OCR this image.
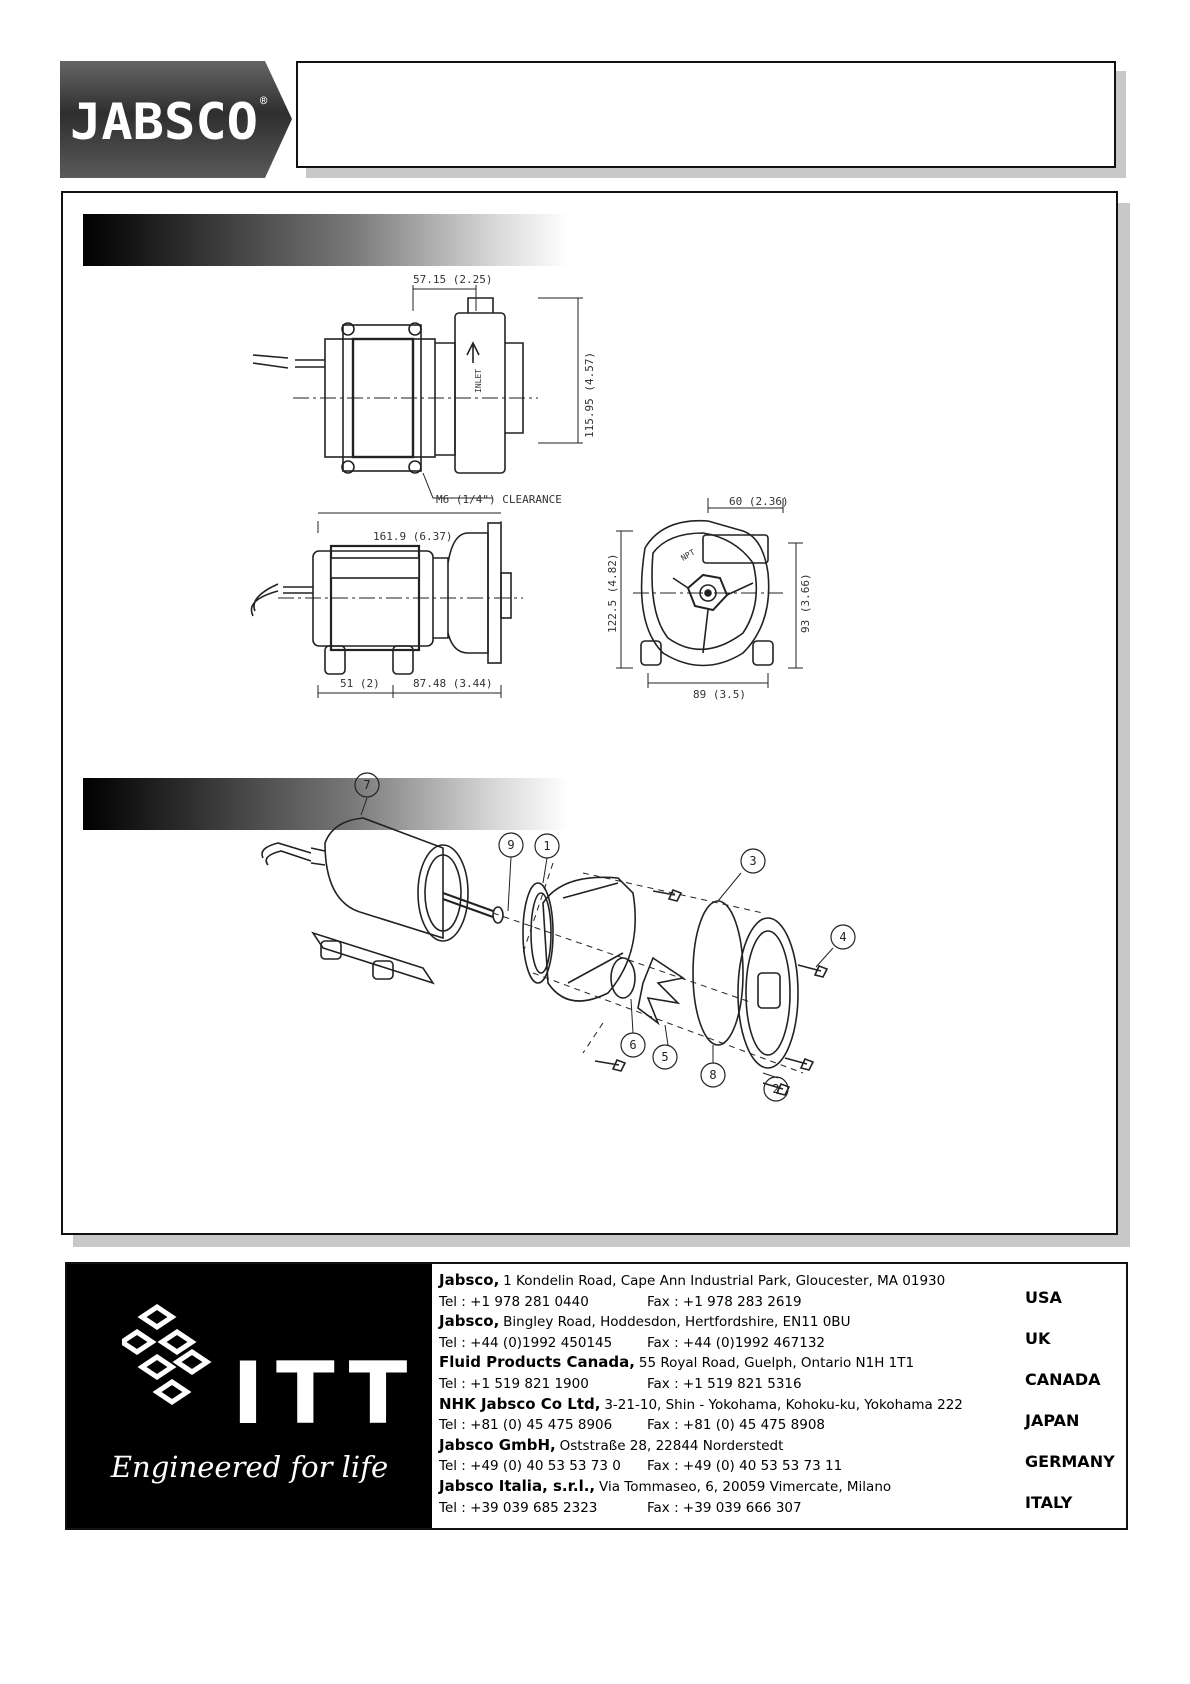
JABSCO ®
57.15 (2.25)
115.95 (4.57)
M6 (1/4") CLEARANCE
INLET
161.9 (6.37)
51 (2)	87.48 (3.44)
60 (2.36)
122.5 (4.82)	93 (3.66)
89 (3.5)
NPT
7
9 1
3
4
6
5
8
2
ITT
Engineered for life
Jabsco, 1 Kondelin Road, Cape Ann Industrial Park, Gloucester, MA 01930
Tel : +1 978 281 0440	Fax : +1 978 283 2619
Jabsco, Bingley Road, Hoddesdon, Hertfordshire, EN11 0BU
Tel : +44 (0)1992 450145	Fax : +44 (0)1992 467132
Fluid Products Canada, 55 Royal Road, Guelph, Ontario N1H 1T1
Tel : +1 519 821 1900	Fax : +1 519 821 5316
NHK Jabsco Co Ltd, 3-21-10, Shin - Yokohama, Kohoku-ku, Yokohama 222
Tel : +81 (0) 45 475 8906	Fax : +81 (0) 45 475 8908
Jabsco GmbH, Oststraße 28, 22844 Norderstedt
Tel : +49 (0) 40 53 53 73 0 Fax : +49 (0) 40 53 53 73 11
Jabsco Italia, s.r.l., Via Tommaseo, 6, 20059 Vimercate, Milano
Tel : +39 039 685 2323	Fax : +39 039 666 307
USA
UK
CANADA
JAPAN
GERMANY
ITALY
